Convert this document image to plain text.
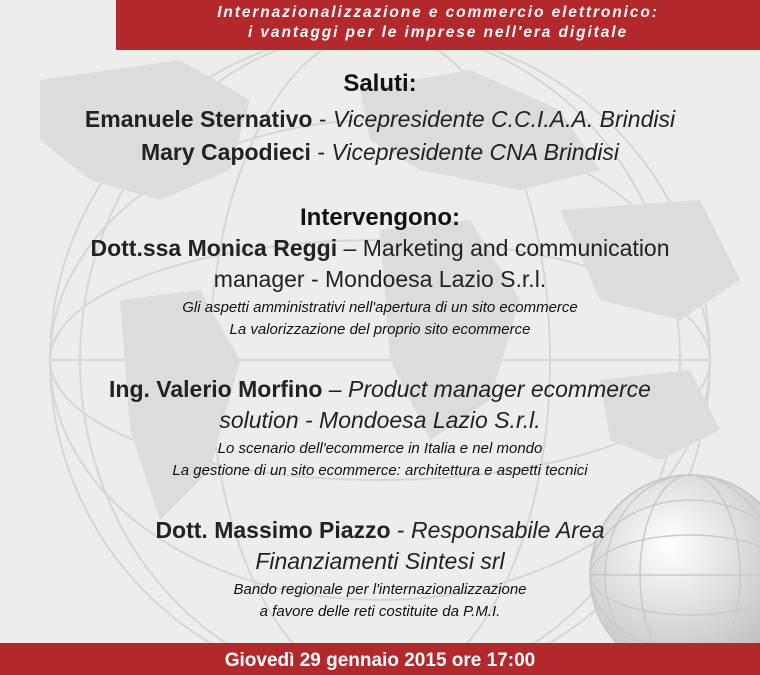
Internazionalizzazione e commercio elettronico:
i vantaggi per le imprese nell'era digitale
Saluti:
Emanuele Sternativo - Vicepresidente C.C.I.A.A. Brindisi
Mary Capodieci - Vicepresidente CNA Brindisi
Intervengono:
Dott.ssa Monica Reggi – Marketing and communication
manager - Mondoesa Lazio S.r.l.
Gli aspetti amministrativi nell'apertura di un sito ecommerce
La valorizzazione del proprio sito ecommerce
Ing. Valerio Morfino – Product manager ecommerce
solution - Mondoesa Lazio S.r.l.
Lo scenario dell'ecommerce in Italia e nel mondo
La gestione di un sito ecommerce: architettura e aspetti tecnici
Dott. Massimo Piazzo - Responsabile Area
Finanziamenti Sintesi srl
Bando regionale per l'internazionalizzazione
a favore delle reti costituite da P.M.I.
Giovedì 29 gennaio 2015 ore 17:00
